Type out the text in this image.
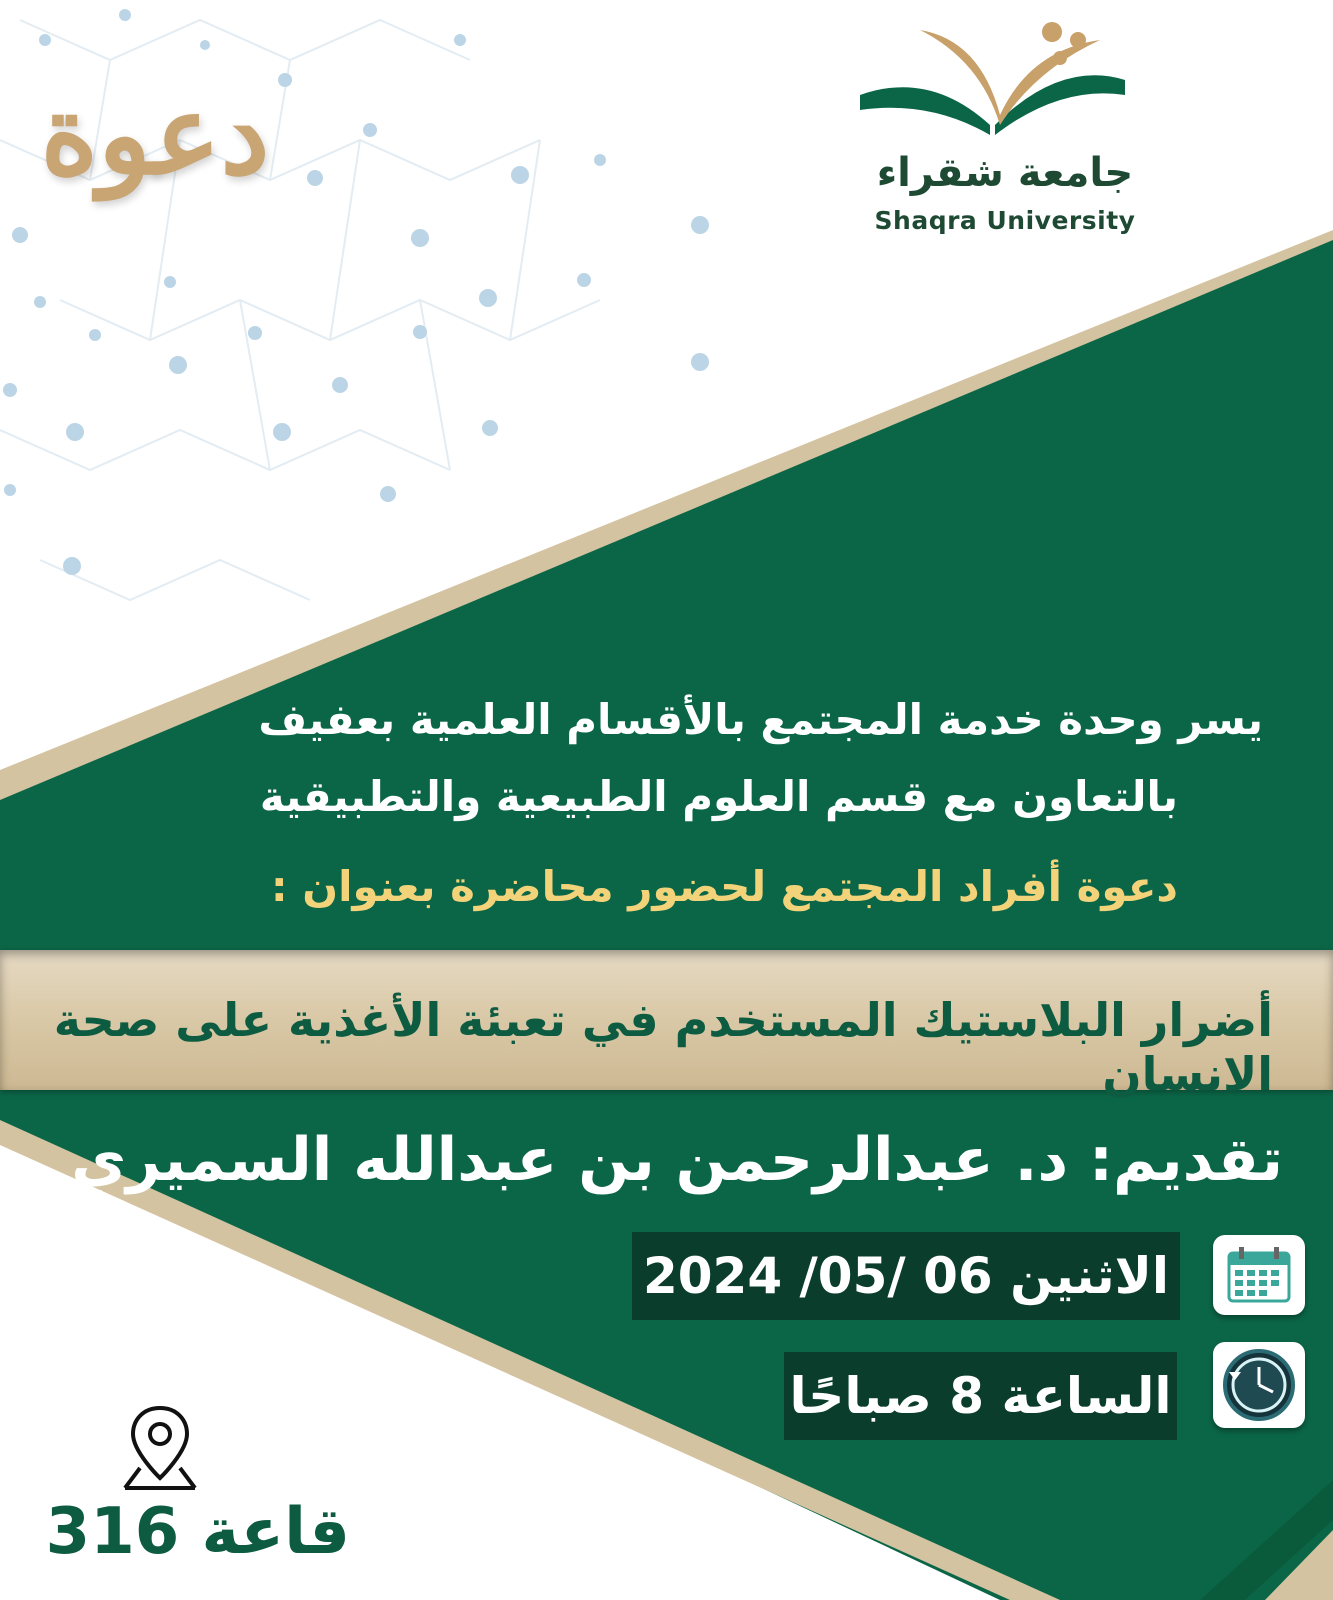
جامعة شقراء
Shaqra University
دعوة
يسر وحدة خدمة المجتمع بالأقسام العلمية بعفيف
بالتعاون مع قسم العلوم الطبيعية والتطبيقية
دعوة أفراد المجتمع لحضور محاضرة بعنوان :
أضرار البلاستيك المستخدم في تعبئة الأغذية على صحة الانسان
تقديم: د. عبدالرحمن بن عبدالله السميري
الاثنين 06 /05/ 2024
الساعة 8 صباحًا
قاعة 316
